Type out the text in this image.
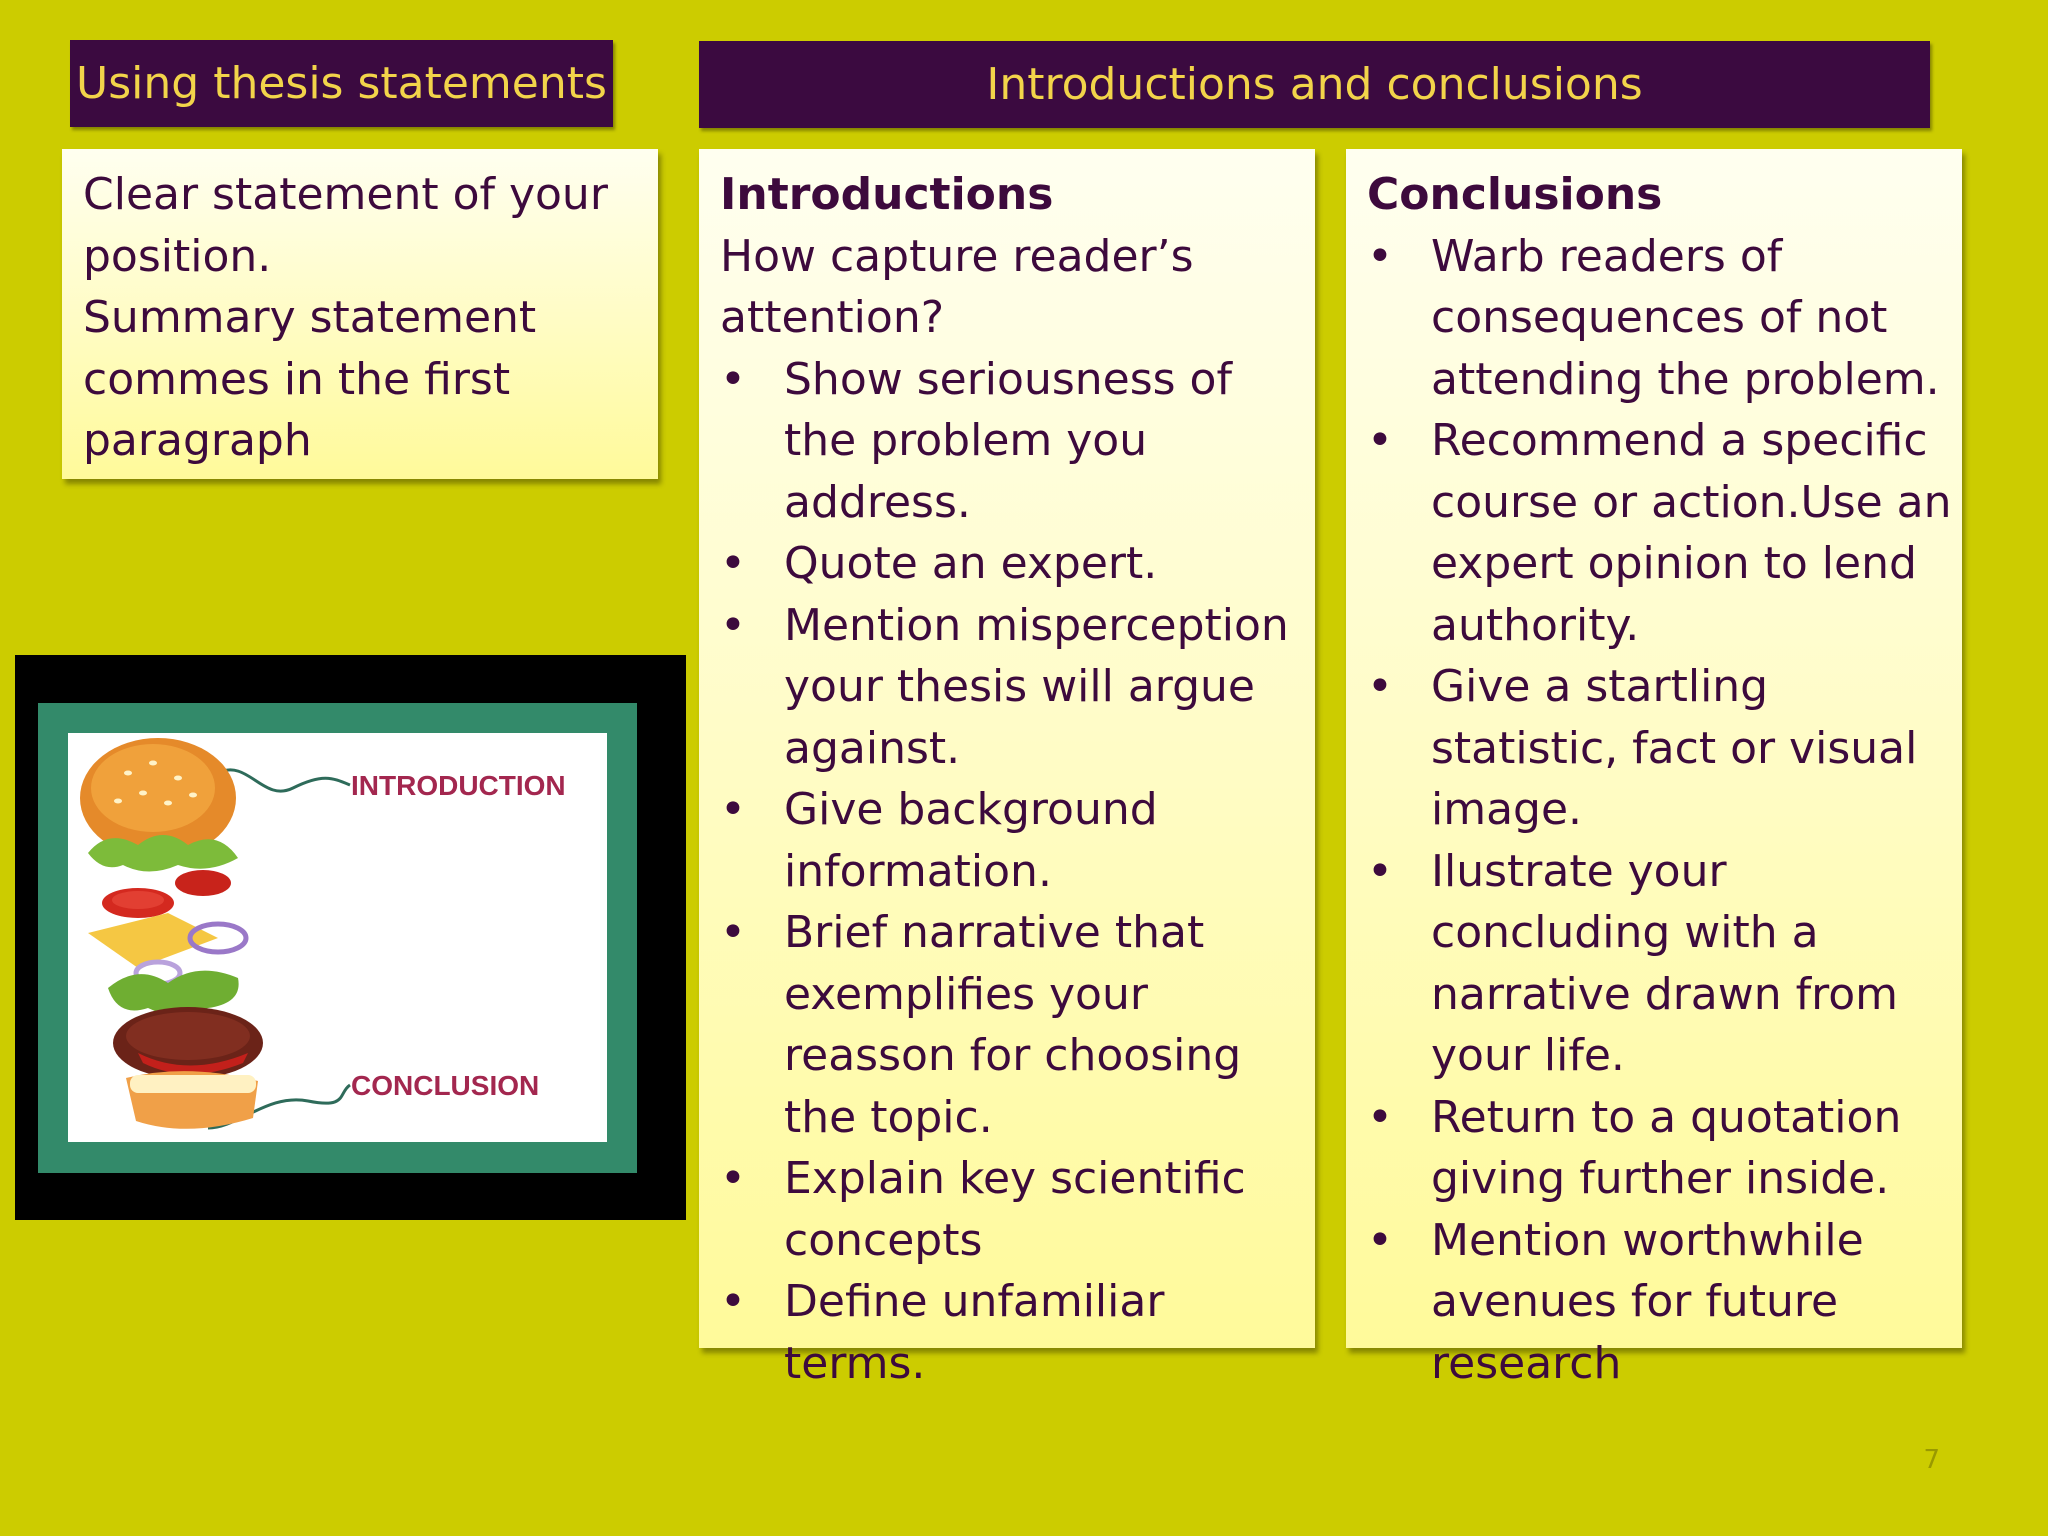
Using thesis statements	Introductions and conclusions

Clear statement of your position.

Summary statement commes in the first paragraph

Introductions

How capture reader’s attention?

• Show seriousness of the problem you address.
• Quote an expert.
• Mention misperception your thesis will argue against.
• Give background information.
• Brief narrative that exemplifies your reasson for choosing the topic.
• Explain key scientific concepts
• Define unfamiliar terms.

Conclusions

• Warb readers of consequences of not attending the problem.
• Recommend a specific course or action.Use an expert opinion to lend authority.
• Give a startling statistic, fact or visual image.
• Ilustrate your concluding with a narrative drawn from your life.
• Return to a quotation giving further inside.
• Mention worthwhile avenues for future research
INTRODUCTION
CONCLUSION
7
